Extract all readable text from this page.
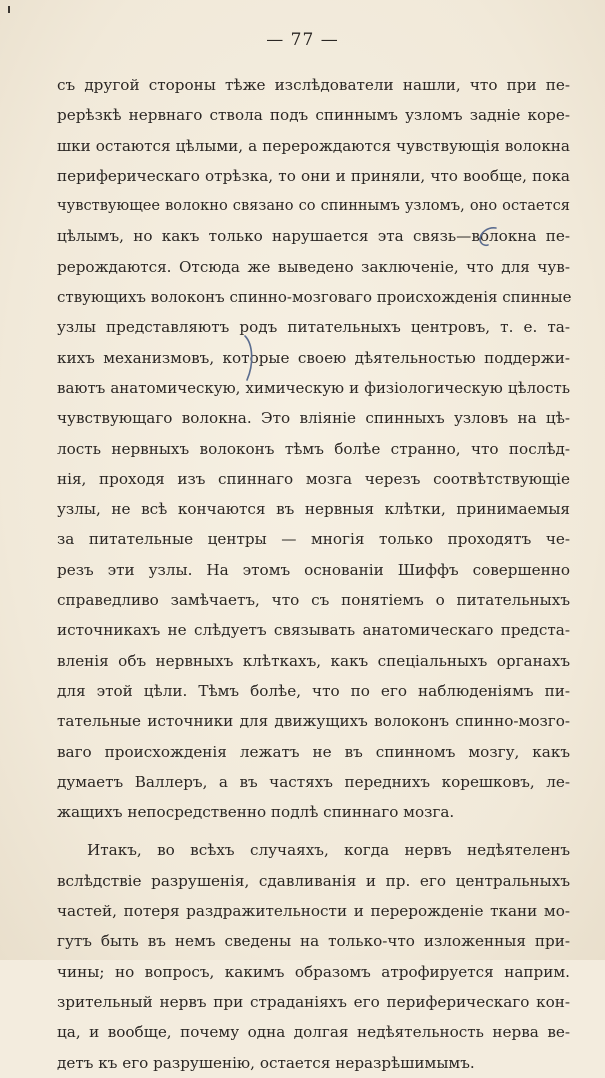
— 77 —
съ другой стороны тѣже изслѣдователи нашли, что при пе-
рерѣзкѣ нервнаго ствола подъ спиннымъ узломъ заднiе коре-
шки остаются цѣлыми, а перерождаются чувствующiя волокна
периферическаго отрѣзка, то они и приняли, что вообще, пока
чувствующее волокно связано со спиннымъ узломъ, оно остается
цѣлымъ, но какъ только нарушается эта связь—волокна пе-
рерождаются. Отсюда же выведено заключенiе, что для чув-
ствующихъ волоконъ спинно-мозговаго происхожденiя спинные
узлы представляютъ родъ питательныхъ центровъ, т. е. та-
кихъ механизмовъ, которые своею дѣятельностью поддержи-
ваютъ анатомическую, химическую и физiологическую цѣлость
чувствующаго волокна. Это влiянiе спинныхъ узловъ на цѣ-
лость нервныхъ волоконъ тѣмъ болѣе странно, что послѣд-
нiя, проходя изъ спиннаго мозга черезъ соотвѣтствующiе
узлы, не всѣ кончаются въ нервныя клѣтки, принимаемыя
за питательные центры — многiя только проходятъ че-
резъ эти узлы. На этомъ основанiи Шиффъ совершенно
справедливо замѣчаетъ, что съ понятiемъ о питательныхъ
источникахъ не слѣдуетъ связывать анатомическаго предста-
вленiя объ нервныхъ клѣткахъ, какъ спецiальныхъ органахъ
для этой цѣли. Тѣмъ болѣе, что по его наблюденiямъ пи-
тательные источники для движущихъ волоконъ спинно-мозго-
ваго происхожденiя лежатъ не въ спинномъ мозгу, какъ
думаетъ Валлеръ, а въ частяхъ переднихъ корешковъ, ле-
жащихъ непосредственно подлѣ спиннаго мозга.
Итакъ, во всѣхъ случаяхъ, когда нервъ недѣятеленъ
вслѣдствiе разрушенiя, сдавливанiя и пр. его центральныхъ
частей, потеря раздражительности и перерожденiе ткани мо-
гутъ быть въ немъ сведены на только-что изложенныя при-
чины; но вопросъ, какимъ образомъ атрофируется наприм.
зрительный нервъ при страданiяхъ его периферическаго кон-
ца, и вообще, почему одна долгая недѣятельность нерва ве-
детъ къ его разрушенiю, остается неразрѣшимымъ.
